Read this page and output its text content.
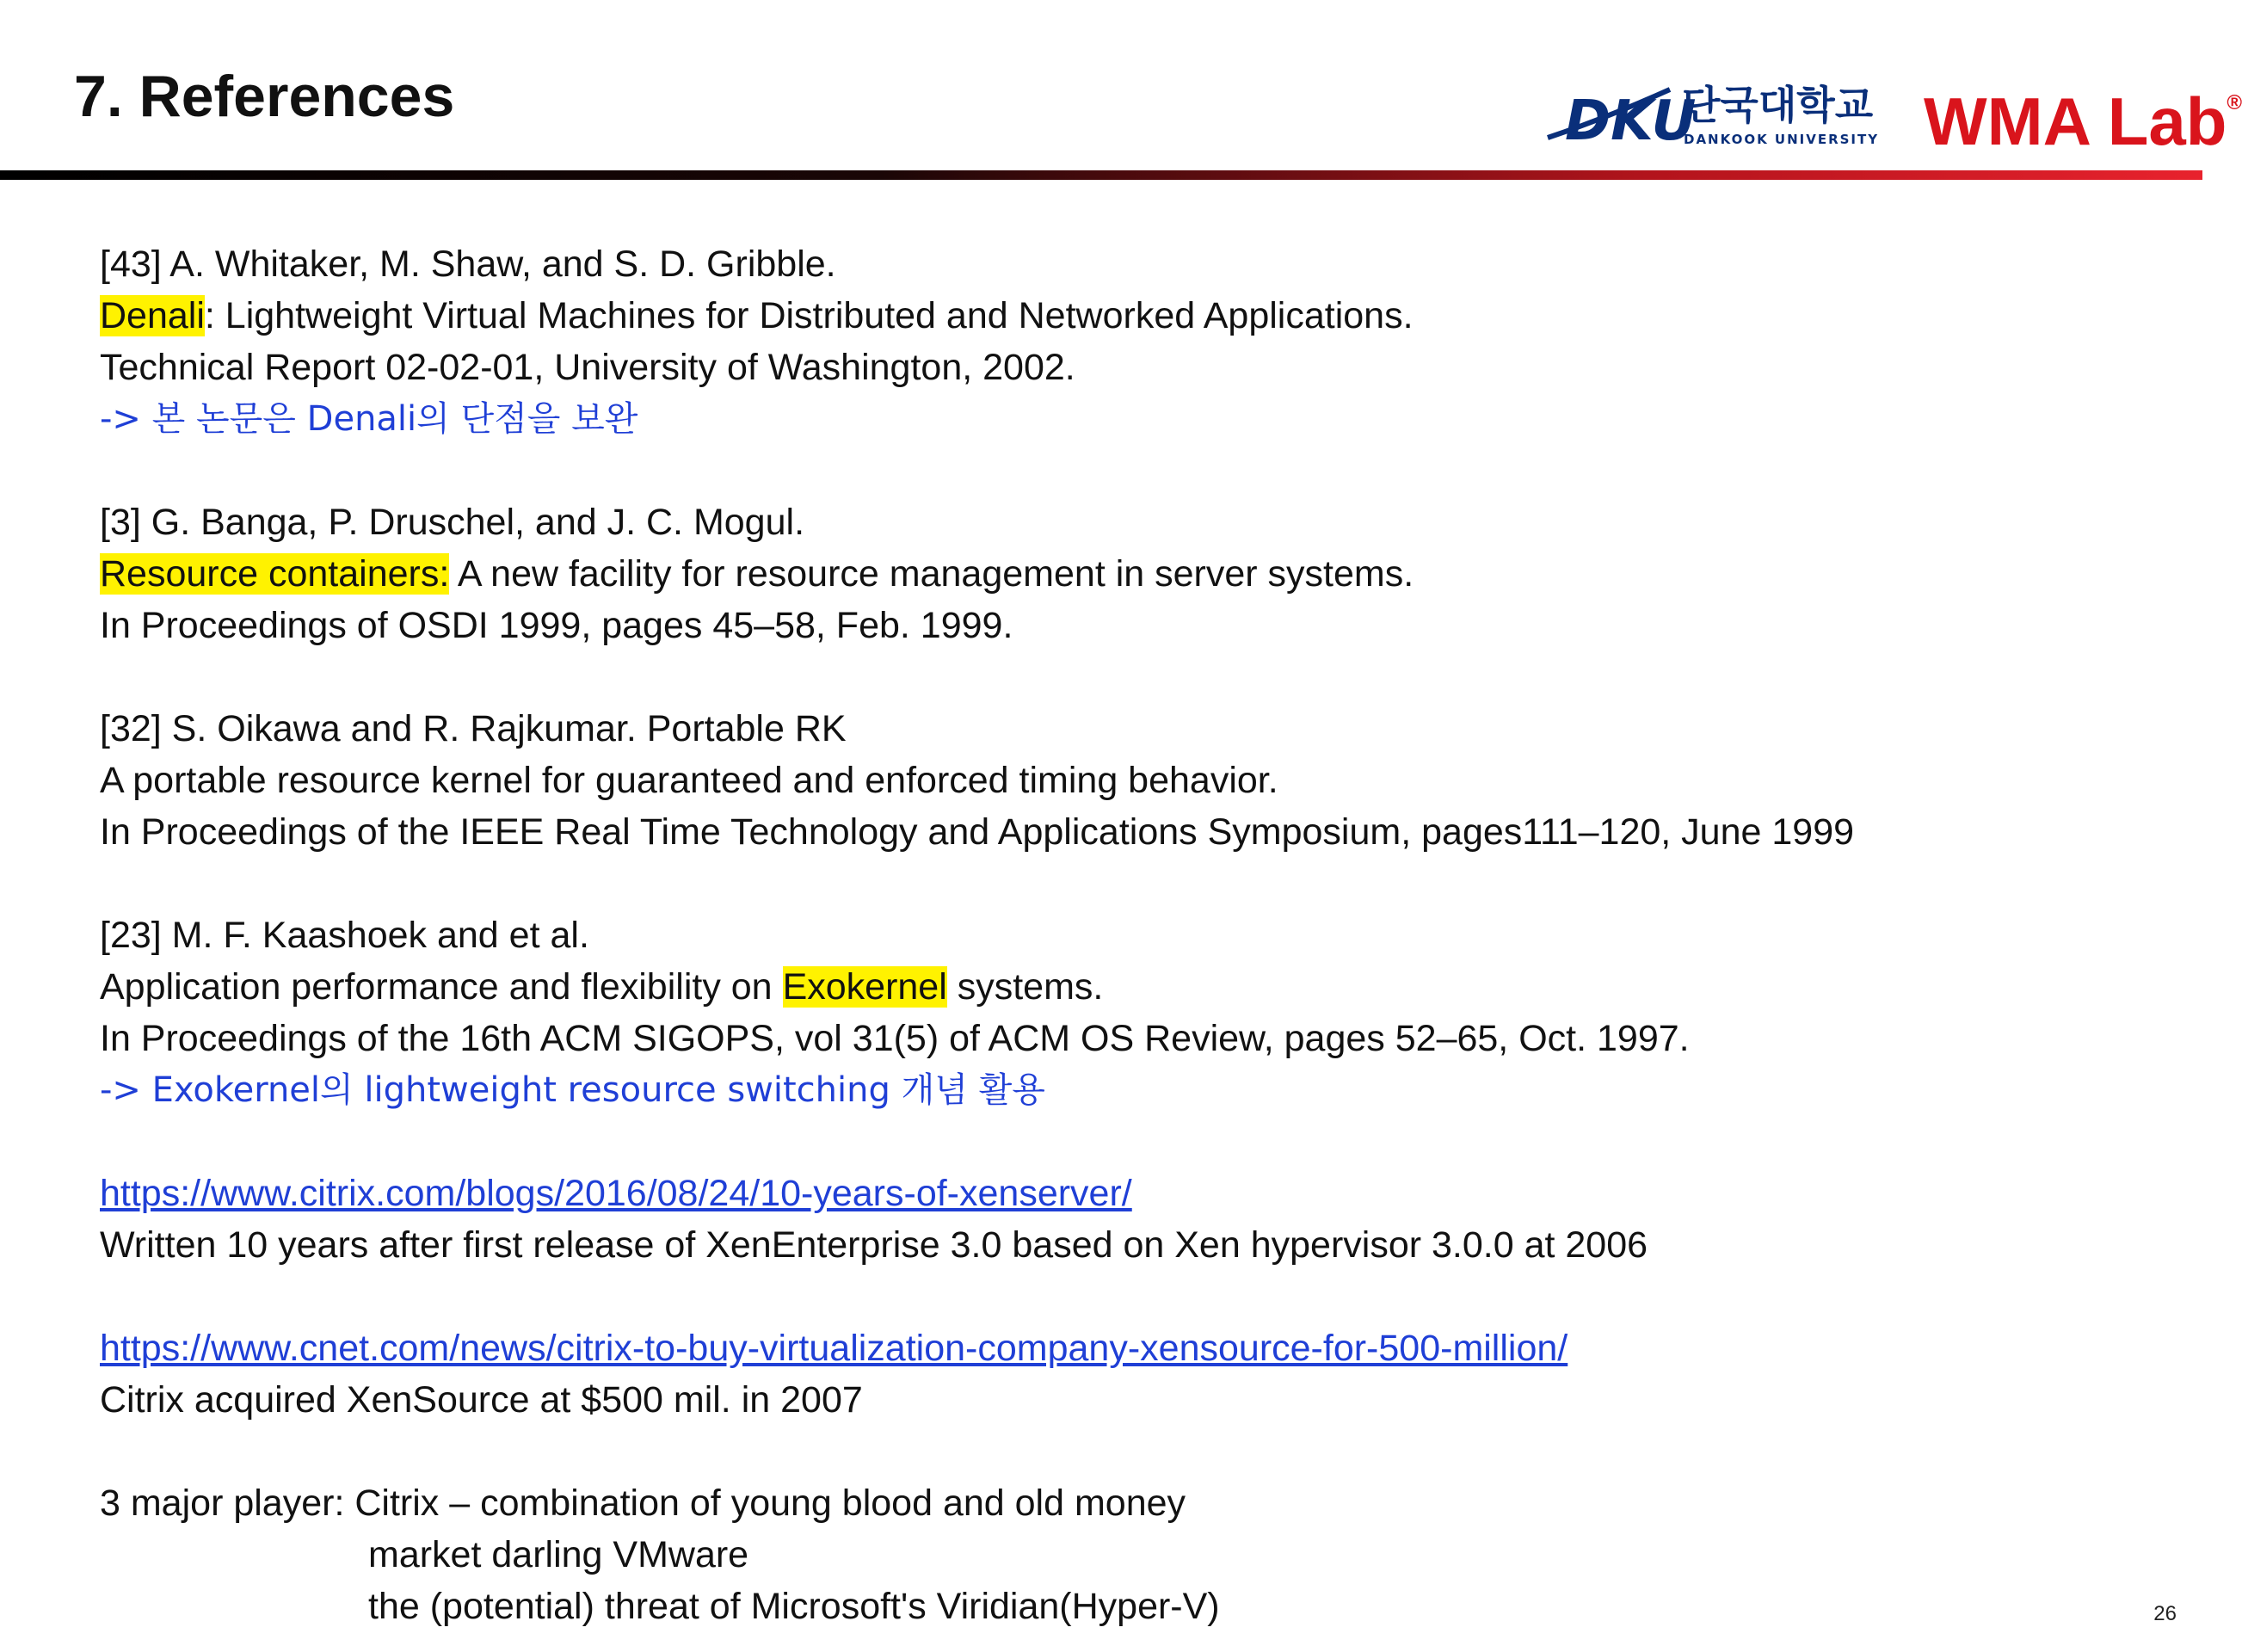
7. References	DKU
단국대학교
DANKOOK UNIVERSITY WMA Lab®
[43] A. Whitaker, M. Shaw, and S. D. Gribble.
Denali: Lightweight Virtual Machines for Distributed and Networked Applications.
Technical Report 02-02-01, University of Washington, 2002.
-> 본 논문은 Denali의 단점을 보완
[3] G. Banga, P. Druschel, and J. C. Mogul.
Resource containers: A new facility for resource management in server systems.
In Proceedings of OSDI 1999, pages 45–58, Feb. 1999.
[32] S. Oikawa and R. Rajkumar. Portable RK
A portable resource kernel for guaranteed and enforced timing behavior.
In Proceedings of the IEEE Real Time Technology and Applications Symposium, pages111–120, June 1999
[23] M. F. Kaashoek and et al.
Application performance and flexibility on Exokernel systems.
In Proceedings of the 16th ACM SIGOPS, vol 31(5) of ACM OS Review, pages 52–65, Oct. 1997.
-> Exokernel의 lightweight resource switching 개념 활용
https://www.citrix.com/blogs/2016/08/24/10-years-of-xenserver/
Written 10 years after first release of XenEnterprise 3.0 based on Xen hypervisor 3.0.0 at 2006
https://www.cnet.com/news/citrix-to-buy-virtualization-company-xensource-for-500-million/
Citrix acquired XenSource at $500 mil. in 2007
3 major player: Citrix – combination of young blood and old money
market darling VMware
the (potential) threat of Microsoft's Viridian(Hyper-V)	26
